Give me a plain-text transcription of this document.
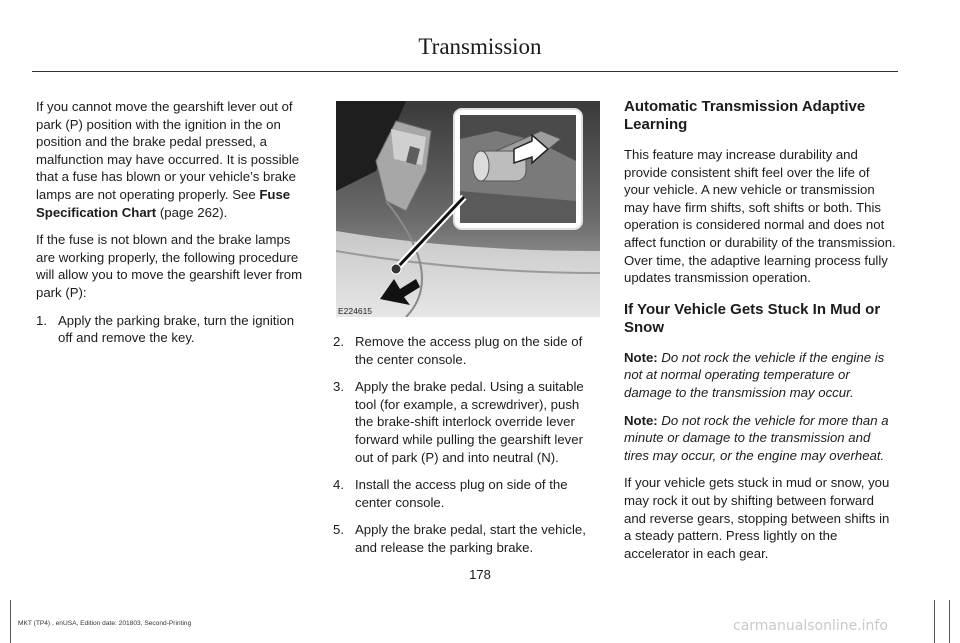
Transmission

If you cannot move the gearshift lever out of park (P) position with the ignition in the on position and the brake pedal pressed, a malfunction may have occurred. It is possible that a fuse has blown or your vehicle’s brake lamps are not operating properly. See Fuse Specification Chart (page 262).

If the fuse is not blown and the brake lamps are working properly, the following procedure will allow you to move the gearshift lever from park (P):

1. Apply the parking brake, turn the ignition off and remove the key.
E224615
2. Remove the access plug on the side of the center console.
3. Apply the brake pedal. Using a suitable tool (for example, a screwdriver), push the brake-shift interlock override lever forward while pulling the gearshift lever out of park (P) and into neutral (N).
4. Install the access plug on side of the center console.
5. Apply the brake pedal, start the vehicle, and release the parking brake.
Automatic Transmission Adaptive Learning

This feature may increase durability and provide consistent shift feel over the life of your vehicle. A new vehicle or transmission may have firm shifts, soft shifts or both. This operation is considered normal and does not affect function or durability of the transmission. Over time, the adaptive learning process fully updates transmission operation.

If Your Vehicle Gets Stuck In Mud or Snow

Note: Do not rock the vehicle if the engine is not at normal operating temperature or damage to the transmission may occur.

Note: Do not rock the vehicle for more than a minute or damage to the transmission and tires may occur, or the engine may overheat.

If your vehicle gets stuck in mud or snow, you may rock it out by shifting between forward and reverse gears, stopping between shifts in a steady pattern. Press lightly on the accelerator in each gear.

178
MKT (TP4) , enUSA, Edition date: 201803, Second-Printing	carmanualsonline.info
